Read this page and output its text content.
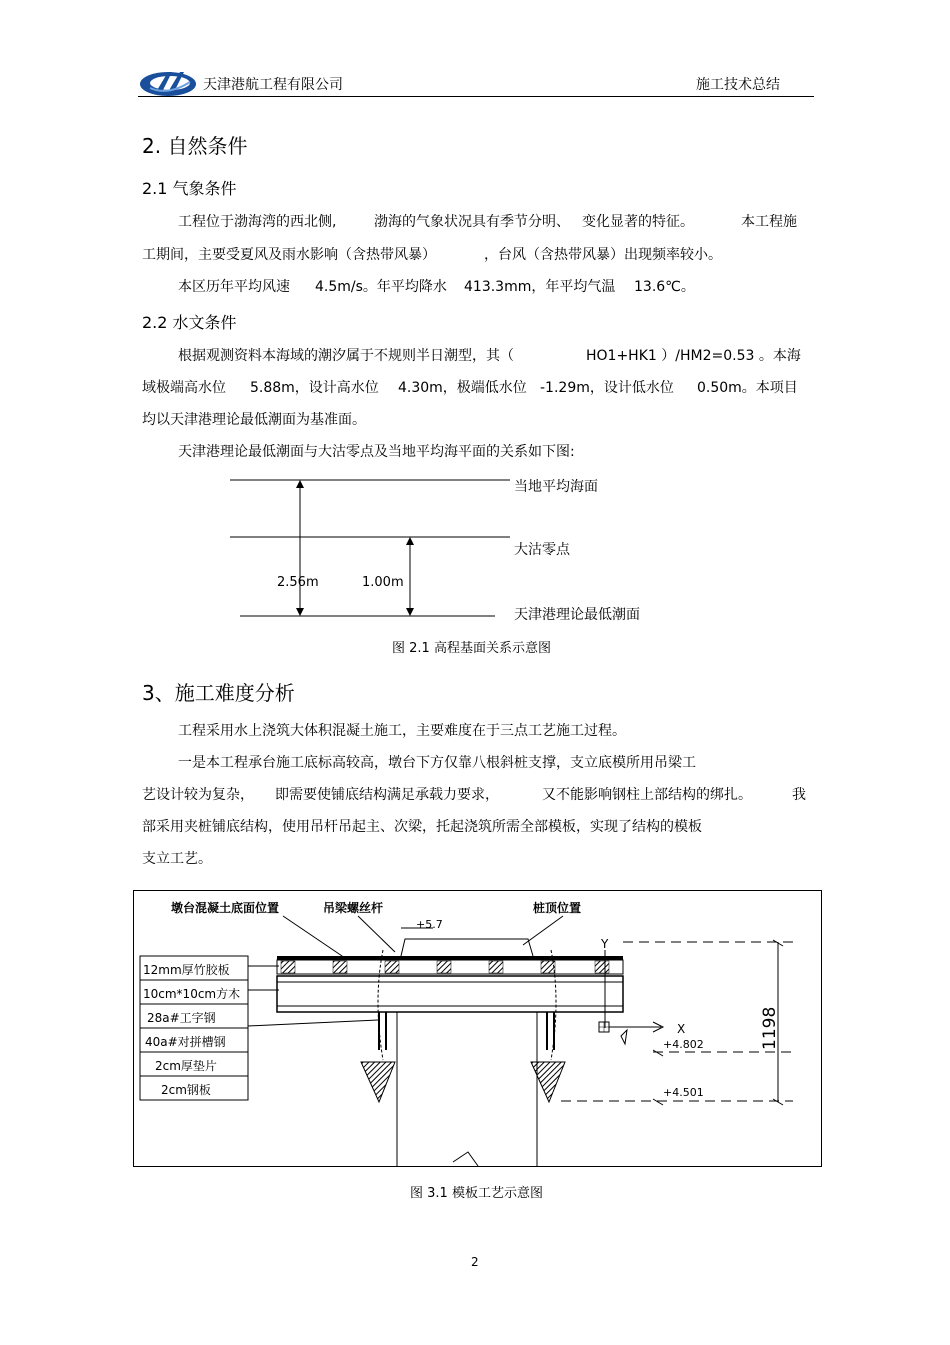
天津港航工程有限公司	施工技术总结
2. 自然条件
2.1 气象条件
工程位于渤海湾的西北侧,	渤海的气象状况具有季节分明、 变化显著的特征。	本工程施
工期间，主要受夏风及雨水影响（含热带风暴）	，台风（含热带风暴）出现频率较小。
本区历年平均风速 4.5m/s。年平均降水 413.3mm，年平均气温 13.6℃。
2.2 水文条件
根据观测资料本海域的潮汐属于不规则半日潮型，其（	HO1+HK1 ）/HM2=0.53 。本海
域极端高水位 5.88m，设计高水位 4.30m，极端低水位 -1.29m，设计低水位 0.50m。本项目
均以天津港理论最低潮面为基准面。
天津港理论最低潮面与大沽零点及当地平均海平面的关系如下图:
2.56m	1.00m
当地平均海面
大沽零点
天津港理论最低潮面
图 2.1 高程基面关系示意图
3、施工难度分析
工程采用水上浇筑大体积混凝土施工，主要难度在于三点工艺施工过程。
一是本工程承台施工底标高较高，墩台下方仅靠八根斜桩支撑，支立底模所用吊梁工
艺设计较为复杂， 即需要使铺底结构满足承载力要求，	又不能影响钢柱上部结构的绑扎。	我
部采用夹桩铺底结构，使用吊杆吊起主、次梁，托起浇筑所需全部模板，实现了结构的模板
支立工艺。
墩台混凝土底面位置	吊梁螺丝杆	桩顶位置
+5.7
Y
X
+4.802
+4.501
1198
12mm厚竹胶板
10cm*10cm方木
28a#工字钢
40a#对拼槽钢
2cm厚垫片
2cm钢板
图 3.1 模板工艺示意图
2
